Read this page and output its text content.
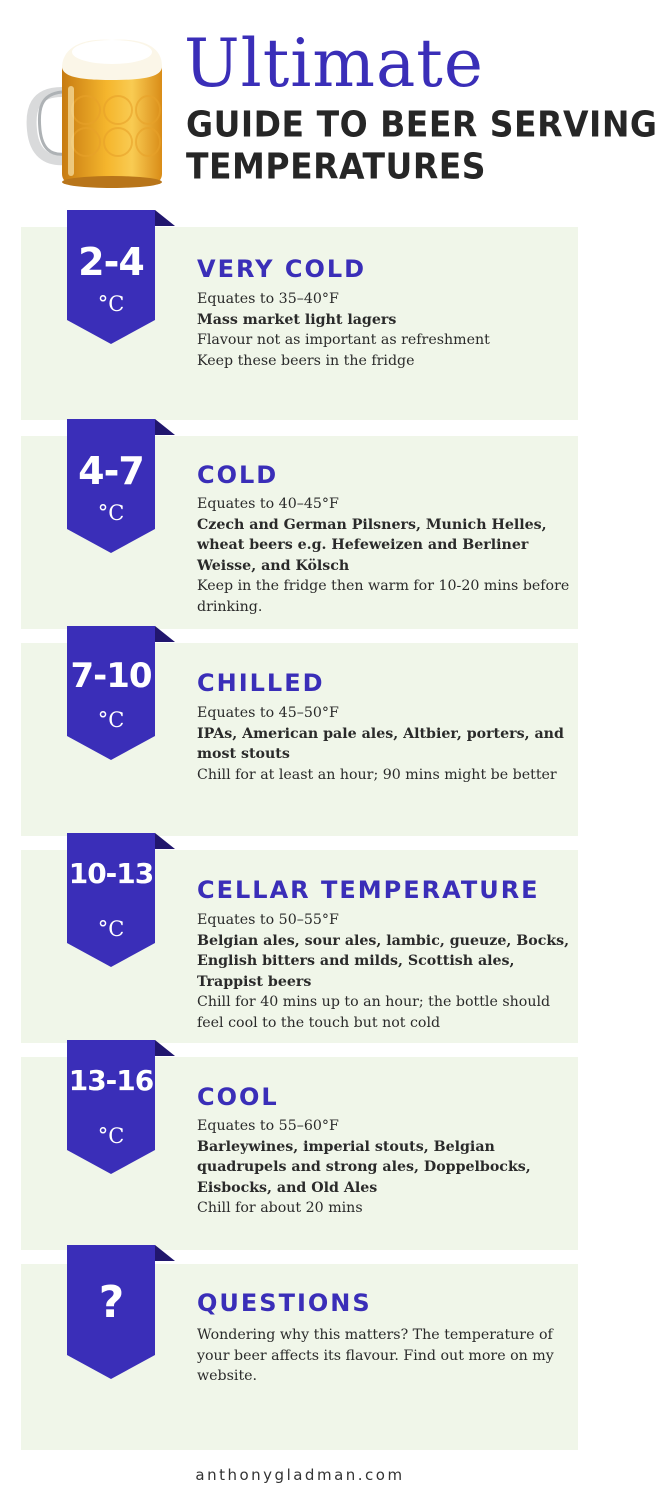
Ultimate
GUIDE TO BEER SERVING
TEMPERATURES
2-4
°C
VERY COLD
Equates to 35–40°F
Mass market light lagers
Flavour not as important as refreshment
Keep these beers in the fridge
4-7
°C
COLD
Equates to 40–45°F
Czech and German Pilsners, Munich Helles, wheat beers e.g. Hefeweizen and Berliner Weisse, and Kölsch
Keep in the fridge then warm for 10-20 mins before drinking.
7-10
°C
CHILLED
Equates to 45–50°F
IPAs, American pale ales, Altbier, porters, and most stouts
Chill for at least an hour; 90 mins might be better
10-13
°C
CELLAR TEMPERATURE
Equates to 50–55°F
Belgian ales, sour ales, lambic, gueuze, Bocks, English bitters and milds, Scottish ales, Trappist beers
Chill for 40 mins up to an hour; the bottle should feel cool to the touch but not cold
13-16
°C
COOL
Equates to 55–60°F
Barleywines, imperial stouts, Belgian quadrupels and strong ales, Doppelbocks, Eisbocks, and Old Ales
Chill for about 20 mins
?	QUESTIONS
Wondering why this matters? The temperature of your beer affects its flavour. Find out more on my website.
anthonygladman.com
